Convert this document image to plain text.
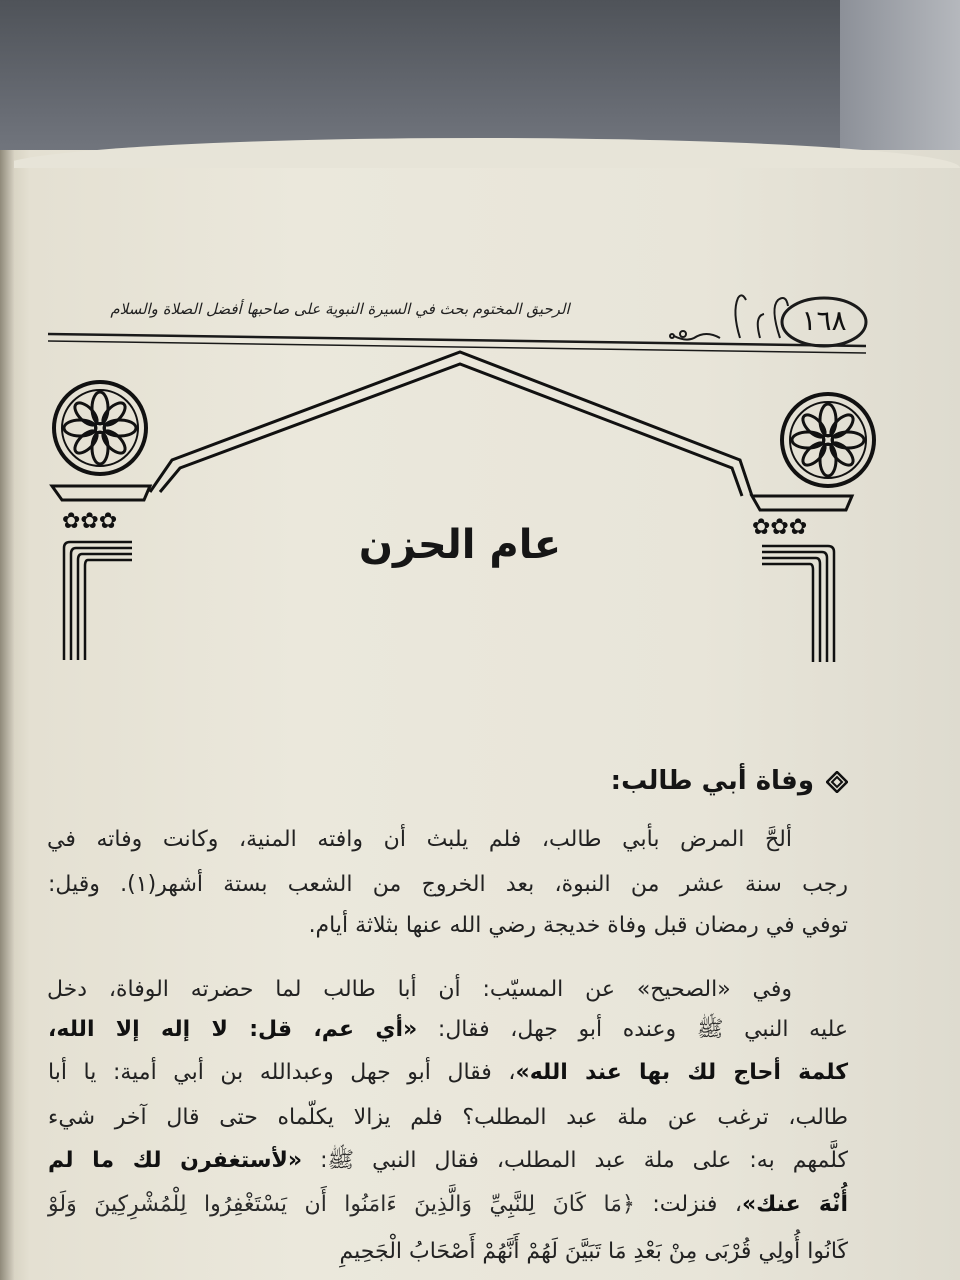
✿✿✿	✿✿✿
الرحيق المختوم بحث في السيرة النبوية على صاحبها أفضل الصلاة والسلام	١٦٨
عام الحزن
وفاة أبي طالب:
ألحَّ المرض بأبي طالب، فلم يلبث أن وافته المنية، وكانت وفاته في
رجب سنة عشر من النبوة، بعد الخروج من الشعب بستة أشهر(١). وقيل:
توفي في رمضان قبل وفاة خديجة رضي الله عنها بثلاثة أيام.
وفي «الصحيح» عن المسيّب: أن أبا طالب لما حضرته الوفاة، دخل
عليه النبي ﷺ وعنده أبو جهل، فقال: «أي عم، قل: لا إله إلا الله،
كلمة أحاج لك بها عند الله»، فقال أبو جهل وعبدالله بن أبي أمية: يا أبا
طالب، ترغب عن ملة عبد المطلب؟ فلم يزالا يكلّماه حتى قال آخر شيء
كلَّمهم به: على ملة عبد المطلب، فقال النبي ﷺ: «لأستغفرن لك ما لم
أُنْهَ عنك»، فنزلت: ﴿مَا كَانَ لِلنَّبِيِّ وَالَّذِينَ ءَامَنُوا أَن يَسْتَغْفِرُوا لِلْمُشْرِكِينَ وَلَوْ
كَانُوا أُولِي قُرْبَى مِنْ بَعْدِ مَا تَبَيَّنَ لَهُمْ أَنَّهُمْ أَصْحَابُ الْجَحِيمِ
